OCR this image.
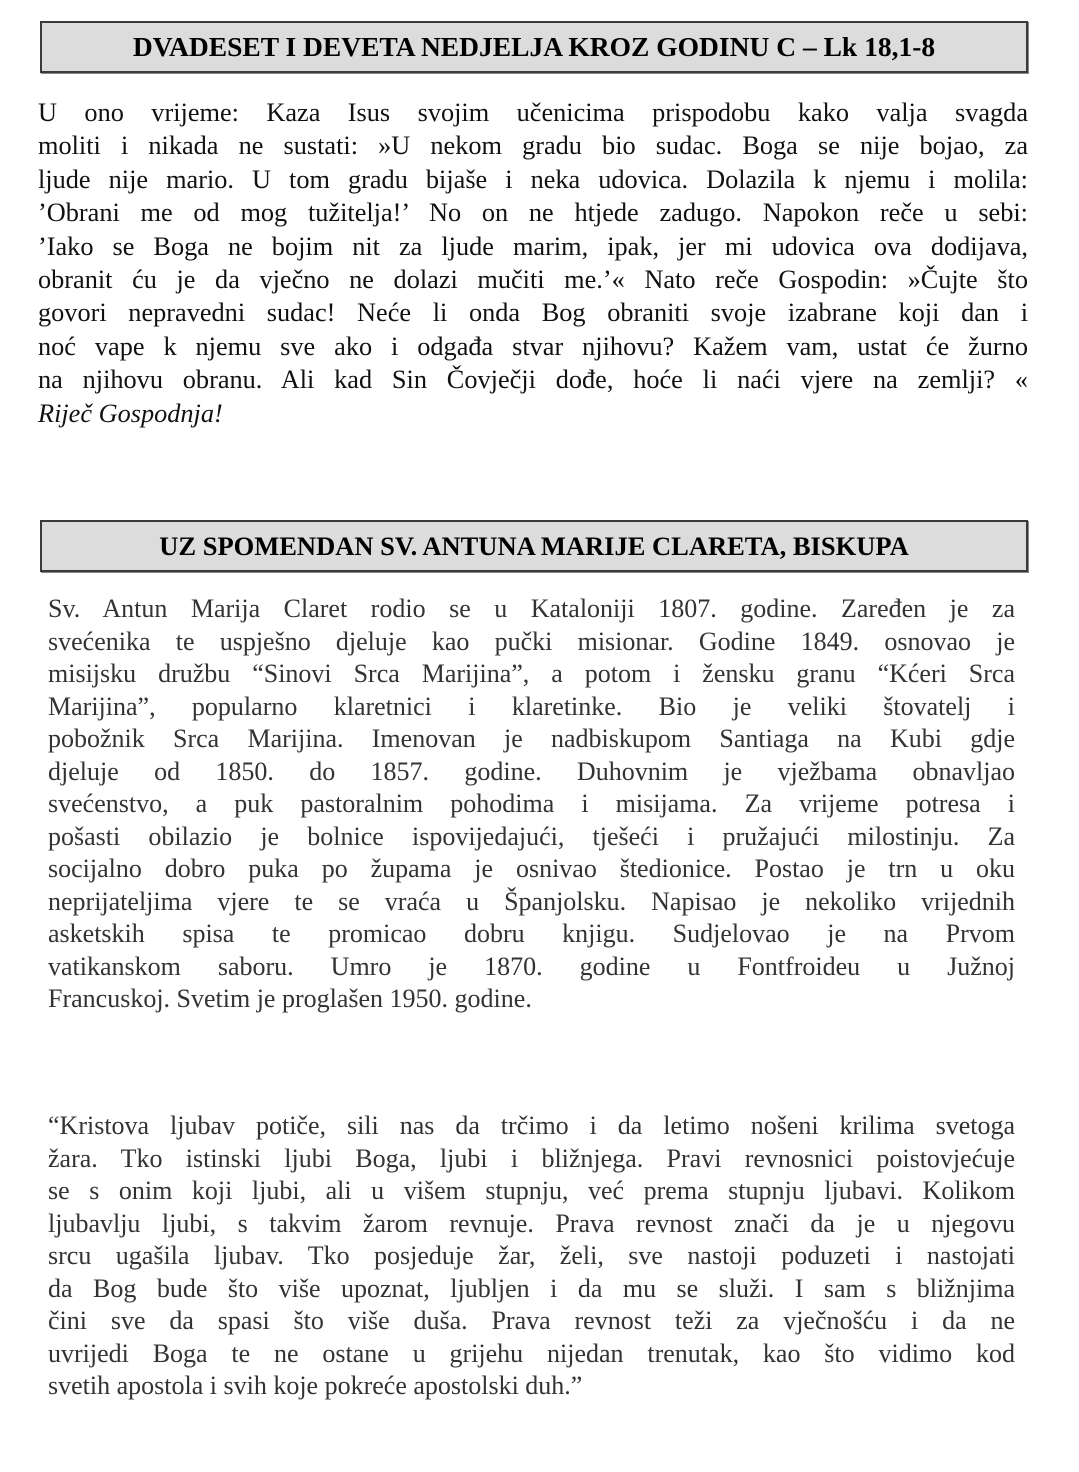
DVADESET I DEVETA NEDJELJA KROZ GODINU C – Lk 18,1-8
U ono vrijeme: Kaza Isus svojim učenicima prispodobu kako valja svagda
moliti i nikada ne sustati: »U nekom gradu bio sudac. Boga se nije bojao, za
ljude nije mario. U tom gradu bijaše i neka udovica. Dolazila k njemu i molila:
’Obrani me od mog tužitelja!’ No on ne htjede zadugo. Napokon reče u sebi:
’Iako se Boga ne bojim nit za ljude marim, ipak, jer mi udovica ova dodijava,
obranit ću je da vječno ne dolazi mučiti me.’« Nato reče Gospodin: »Čujte što
govori nepravedni sudac! Neće li onda Bog obraniti svoje izabrane koji dan i
noć vape k njemu sve ako i odgađa stvar njihovu? Kažem vam, ustat će žurno
na njihovu obranu. Ali kad Sin Čovječji dođe, hoće li naći vjere na zemlji? «
Riječ Gospodnja!
UZ SPOMENDAN SV. ANTUNA MARIJE CLARETA, BISKUPA
Sv. Antun Marija Claret rodio se u Kataloniji 1807. godine. Zaređen je za
svećenika te uspješno djeluje kao pučki misionar. Godine 1849. osnovao je
misijsku družbu “Sinovi Srca Marijina”, a potom i žensku granu “Kćeri Srca
Marijina”, popularno klaretnici i klaretinke. Bio je veliki štovatelj i
pobožnik Srca Marijina. Imenovan je nadbiskupom Santiaga na Kubi gdje
djeluje od 1850. do 1857. godine. Duhovnim je vježbama obnavljao
svećenstvo, a puk pastoralnim pohodima i misijama. Za vrijeme potresa i
pošasti obilazio je bolnice ispovijedajući, tješeći i pružajući milostinju. Za
socijalno dobro puka po župama je osnivao štedionice. Postao je trn u oku
neprijateljima vjere te se vraća u Španjolsku. Napisao je nekoliko vrijednih
asketskih spisa te promicao dobru knjigu. Sudjelovao je na Prvom
vatikanskom saboru. Umro je 1870. godine u Fontfroideu u Južnoj
Francuskoj. Svetim je proglašen 1950. godine.
“Kristova ljubav potiče, sili nas da trčimo i da letimo nošeni krilima svetoga
žara. Tko istinski ljubi Boga, ljubi i bližnjega. Pravi revnosnici poistovjećuje
se s onim koji ljubi, ali u višem stupnju, već prema stupnju ljubavi. Kolikom
ljubavlju ljubi, s takvim žarom revnuje. Prava revnost znači da je u njegovu
srcu ugašila ljubav. Tko posjeduje žar, želi, sve nastoji poduzeti i nastojati
da Bog bude što više upoznat, ljubljen i da mu se služi. I sam s bližnjima
čini sve da spasi što više duša. Prava revnost teži za vječnošću i da ne
uvrijedi Boga te ne ostane u grijehu nijedan trenutak, kao što vidimo kod
svetih apostola i svih koje pokreće apostolski duh.”
